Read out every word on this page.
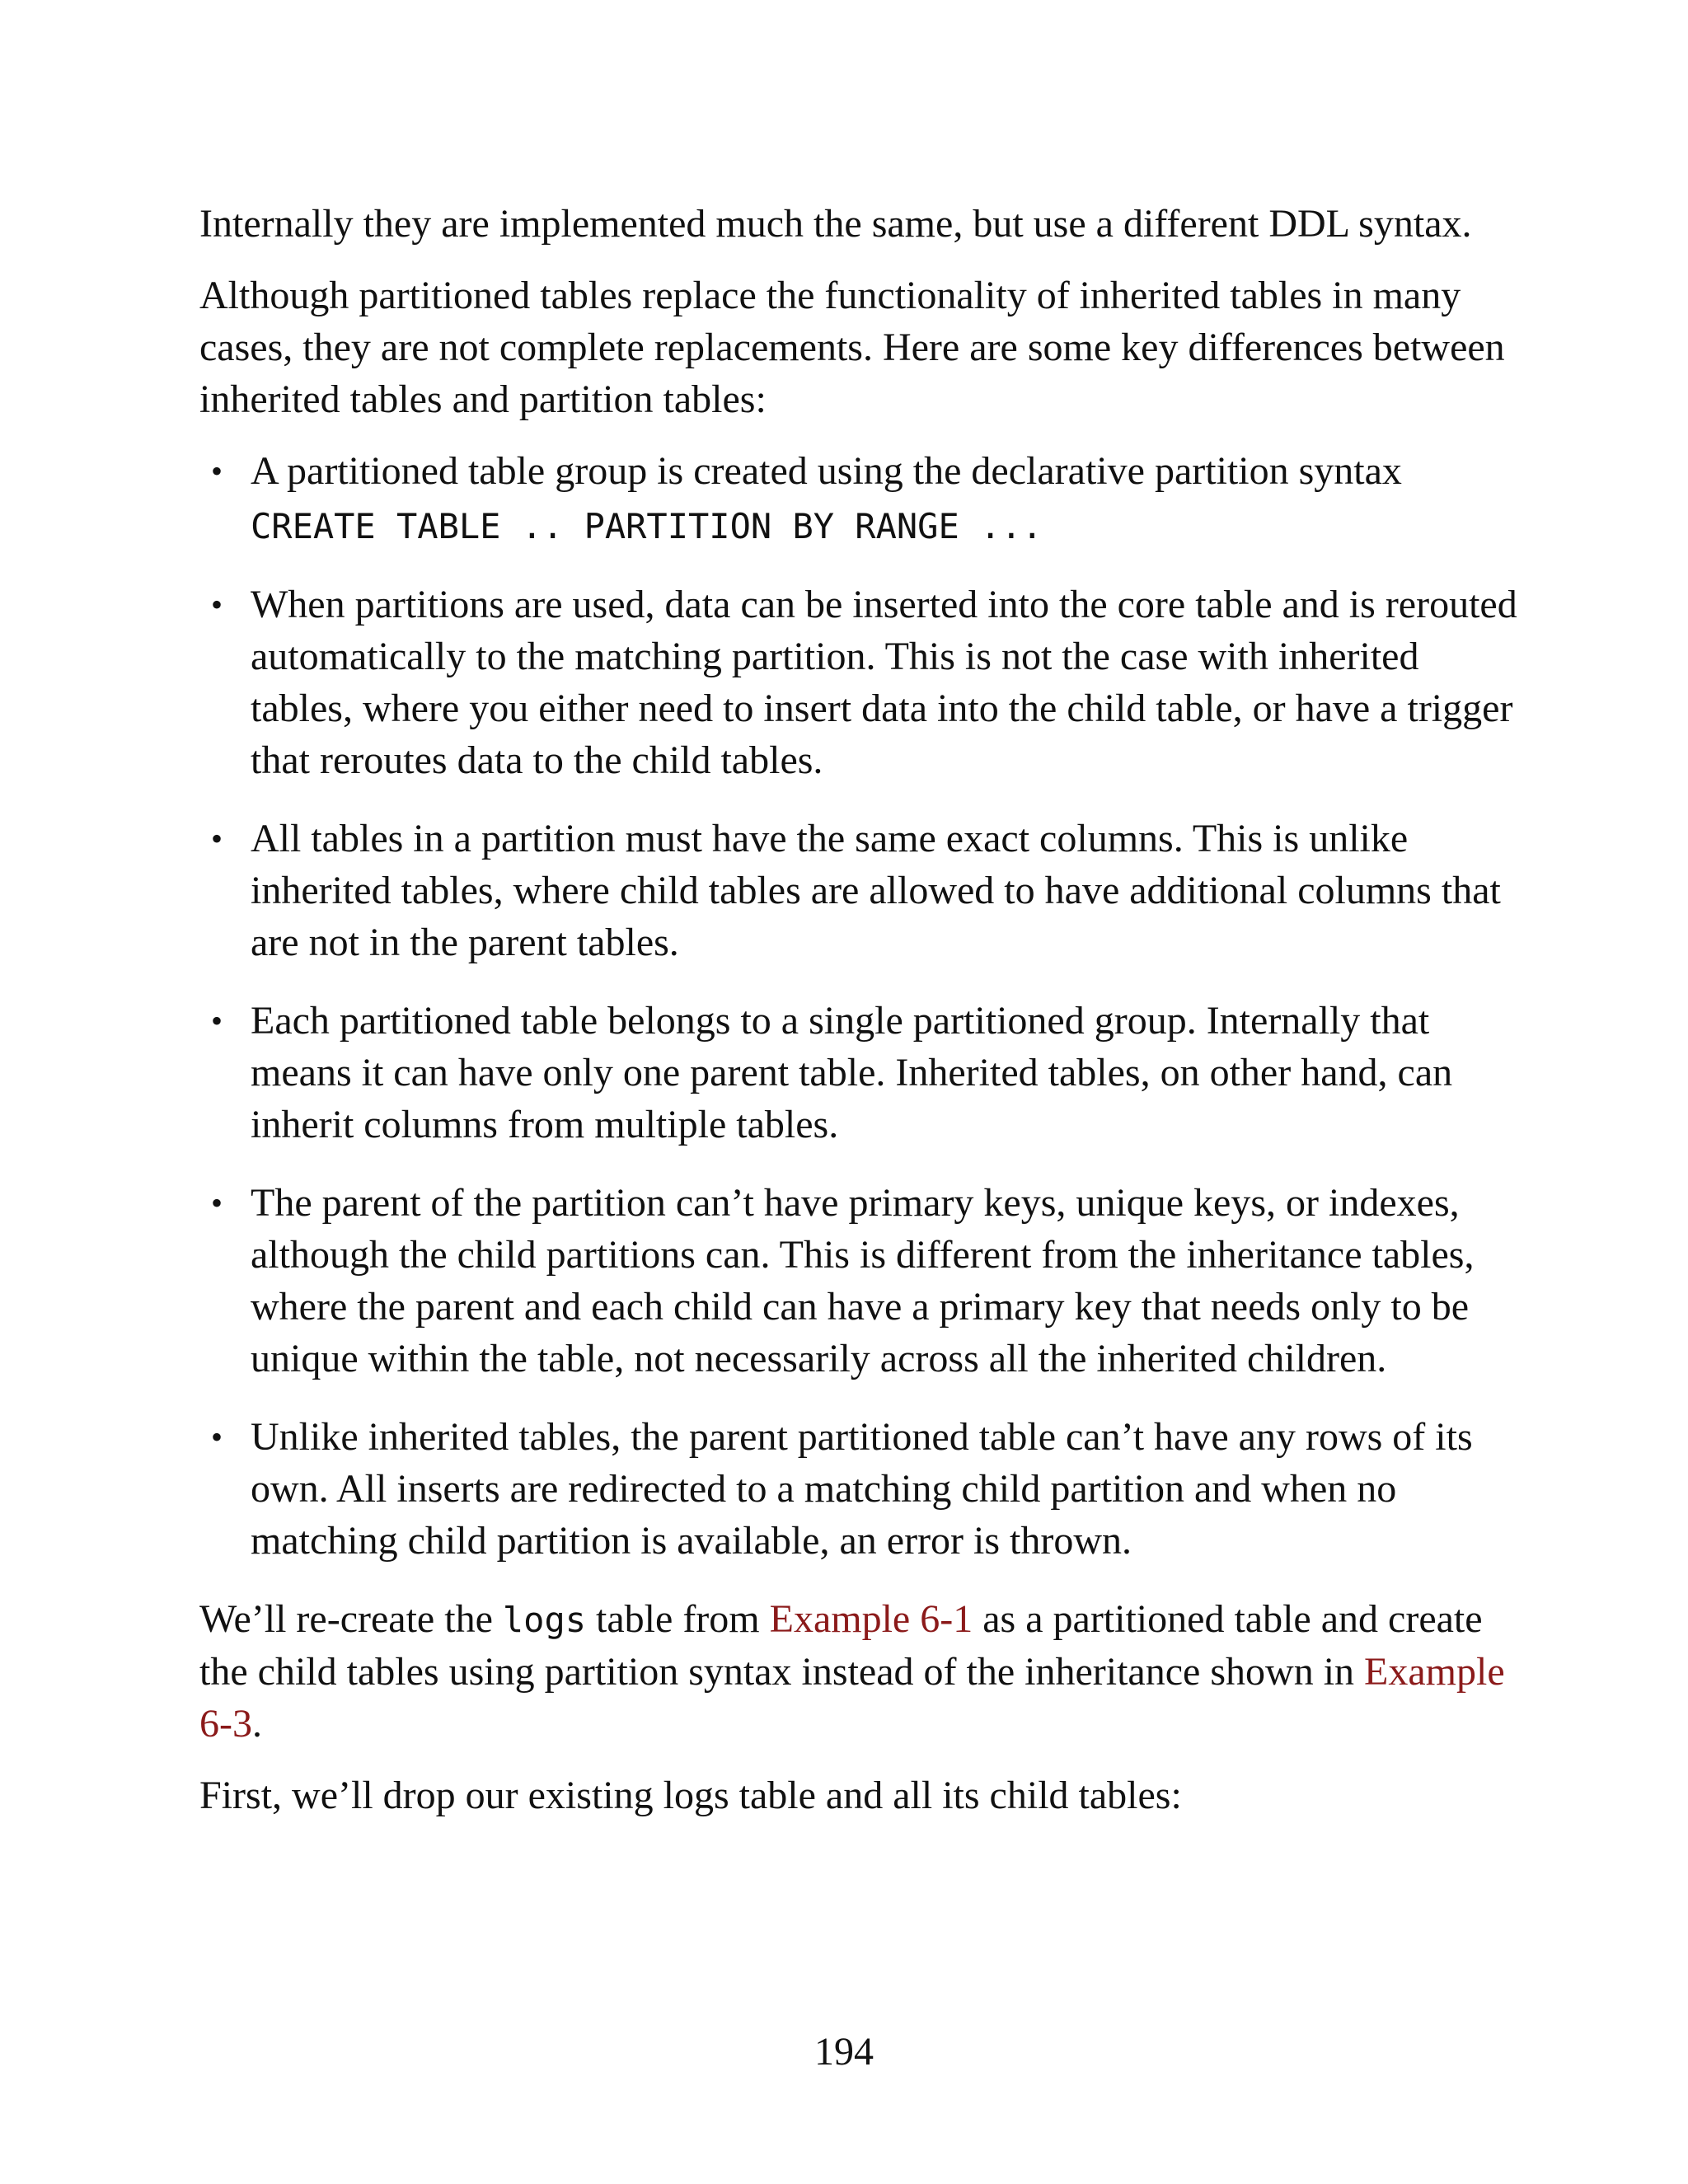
Internally they are implemented much the same, but use a different DDL syntax.

Although partitioned tables replace the functionality of inherited tables in many cases, they are not complete replacements. Here are some key differences between inherited tables and partition tables:

• A partitioned table group is created using the declarative partition syntax
CREATE TABLE .. PARTITION BY RANGE ...
• When partitions are used, data can be inserted into the core table and is rerouted automatically to the matching partition. This is not the case with inherited tables, where you either need to insert data into the child table, or have a trigger that reroutes data to the child tables.
• All tables in a partition must have the same exact columns. This is unlike inherited tables, where child tables are allowed to have additional columns that are not in the parent tables.
• Each partitioned table belongs to a single partitioned group. Internally that means it can have only one parent table. Inherited tables, on other hand, can inherit columns from multiple tables.
• The parent of the partition can’t have primary keys, unique keys, or indexes, although the child partitions can. This is different from the inheritance tables, where the parent and each child can have a primary key that needs only to be unique within the table, not necessarily across all the inherited children.
• Unlike inherited tables, the parent partitioned table can’t have any rows of its own. All inserts are redirected to a matching child partition and when no matching child partition is available, an error is thrown.

We’ll re-create the logs table from Example 6-1 as a partitioned table and create the child tables using partition syntax instead of the inheritance shown in Example 6-3.

First, we’ll drop our existing logs table and all its child tables:

194
